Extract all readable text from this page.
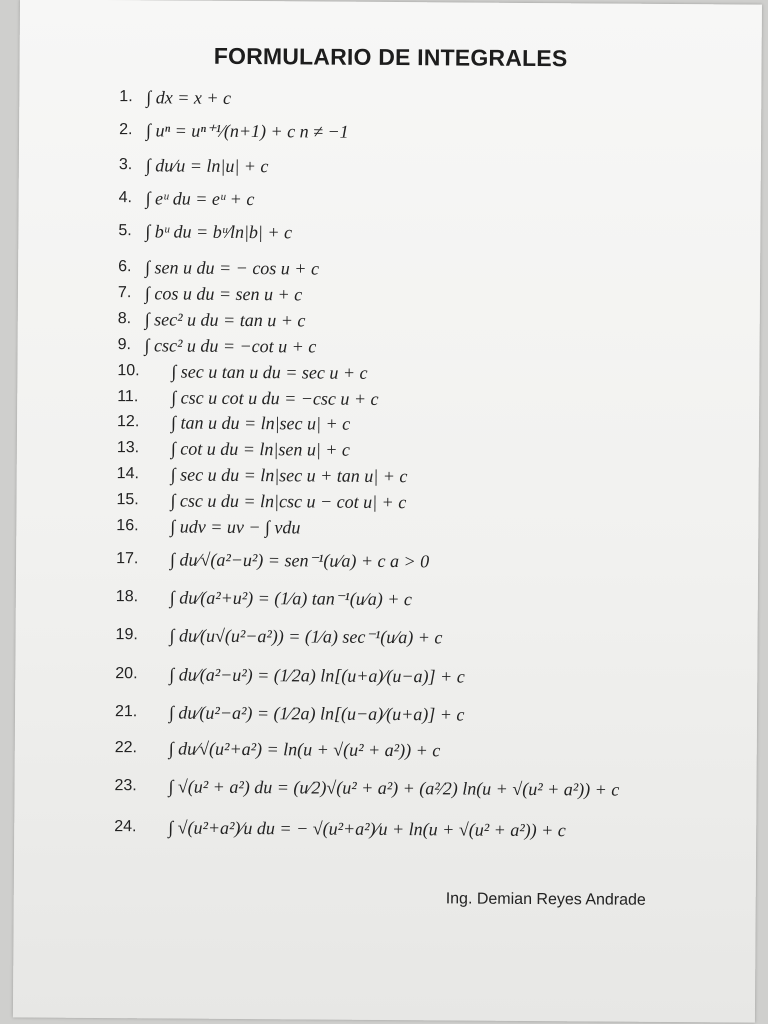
FORMULARIO DE INTEGRALES
1. ∫ dx = x + c
2. ∫ uⁿ = uⁿ⁺¹⁄(n+1) + c n ≠ −1
3. ∫ du⁄u = ln|u| + c
4. ∫ eᵘ du = eᵘ + c
5. ∫ bᵘ du = bᵘ⁄ln|b| + c
6. ∫ sen u du = − cos u + c
7. ∫ cos u du = sen u + c
8. ∫ sec² u du = tan u + c
9. ∫ csc² u du = −cot u + c
10. ∫ sec u tan u du = sec u + c
11. ∫ csc u cot u du = −csc u + c
12. ∫ tan u du = ln|sec u| + c
13. ∫ cot u du = ln|sen u| + c
14. ∫ sec u du = ln|sec u + tan u| + c
15. ∫ csc u du = ln|csc u − cot u| + c
16. ∫ udv = uv − ∫ vdu
17. ∫ du⁄√(a²−u²) = sen⁻¹(u⁄a) + c a > 0
18. ∫ du⁄(a²+u²) = (1⁄a) tan⁻¹(u⁄a) + c
19. ∫ du⁄(u√(u²−a²)) = (1⁄a) sec⁻¹(u⁄a) + c
20. ∫ du⁄(a²−u²) = (1⁄2a) ln[(u+a)⁄(u−a)] + c
21. ∫ du⁄(u²−a²) = (1⁄2a) ln[(u−a)⁄(u+a)] + c
22. ∫ du⁄√(u²+a²) = ln(u + √(u² + a²)) + c
23. ∫ √(u² + a²) du = (u⁄2)√(u² + a²) + (a²⁄2) ln(u + √(u² + a²)) + c
24. ∫ √(u²+a²)⁄u du = − √(u²+a²)⁄u + ln(u + √(u² + a²)) + c
Ing. Demian Reyes Andrade
